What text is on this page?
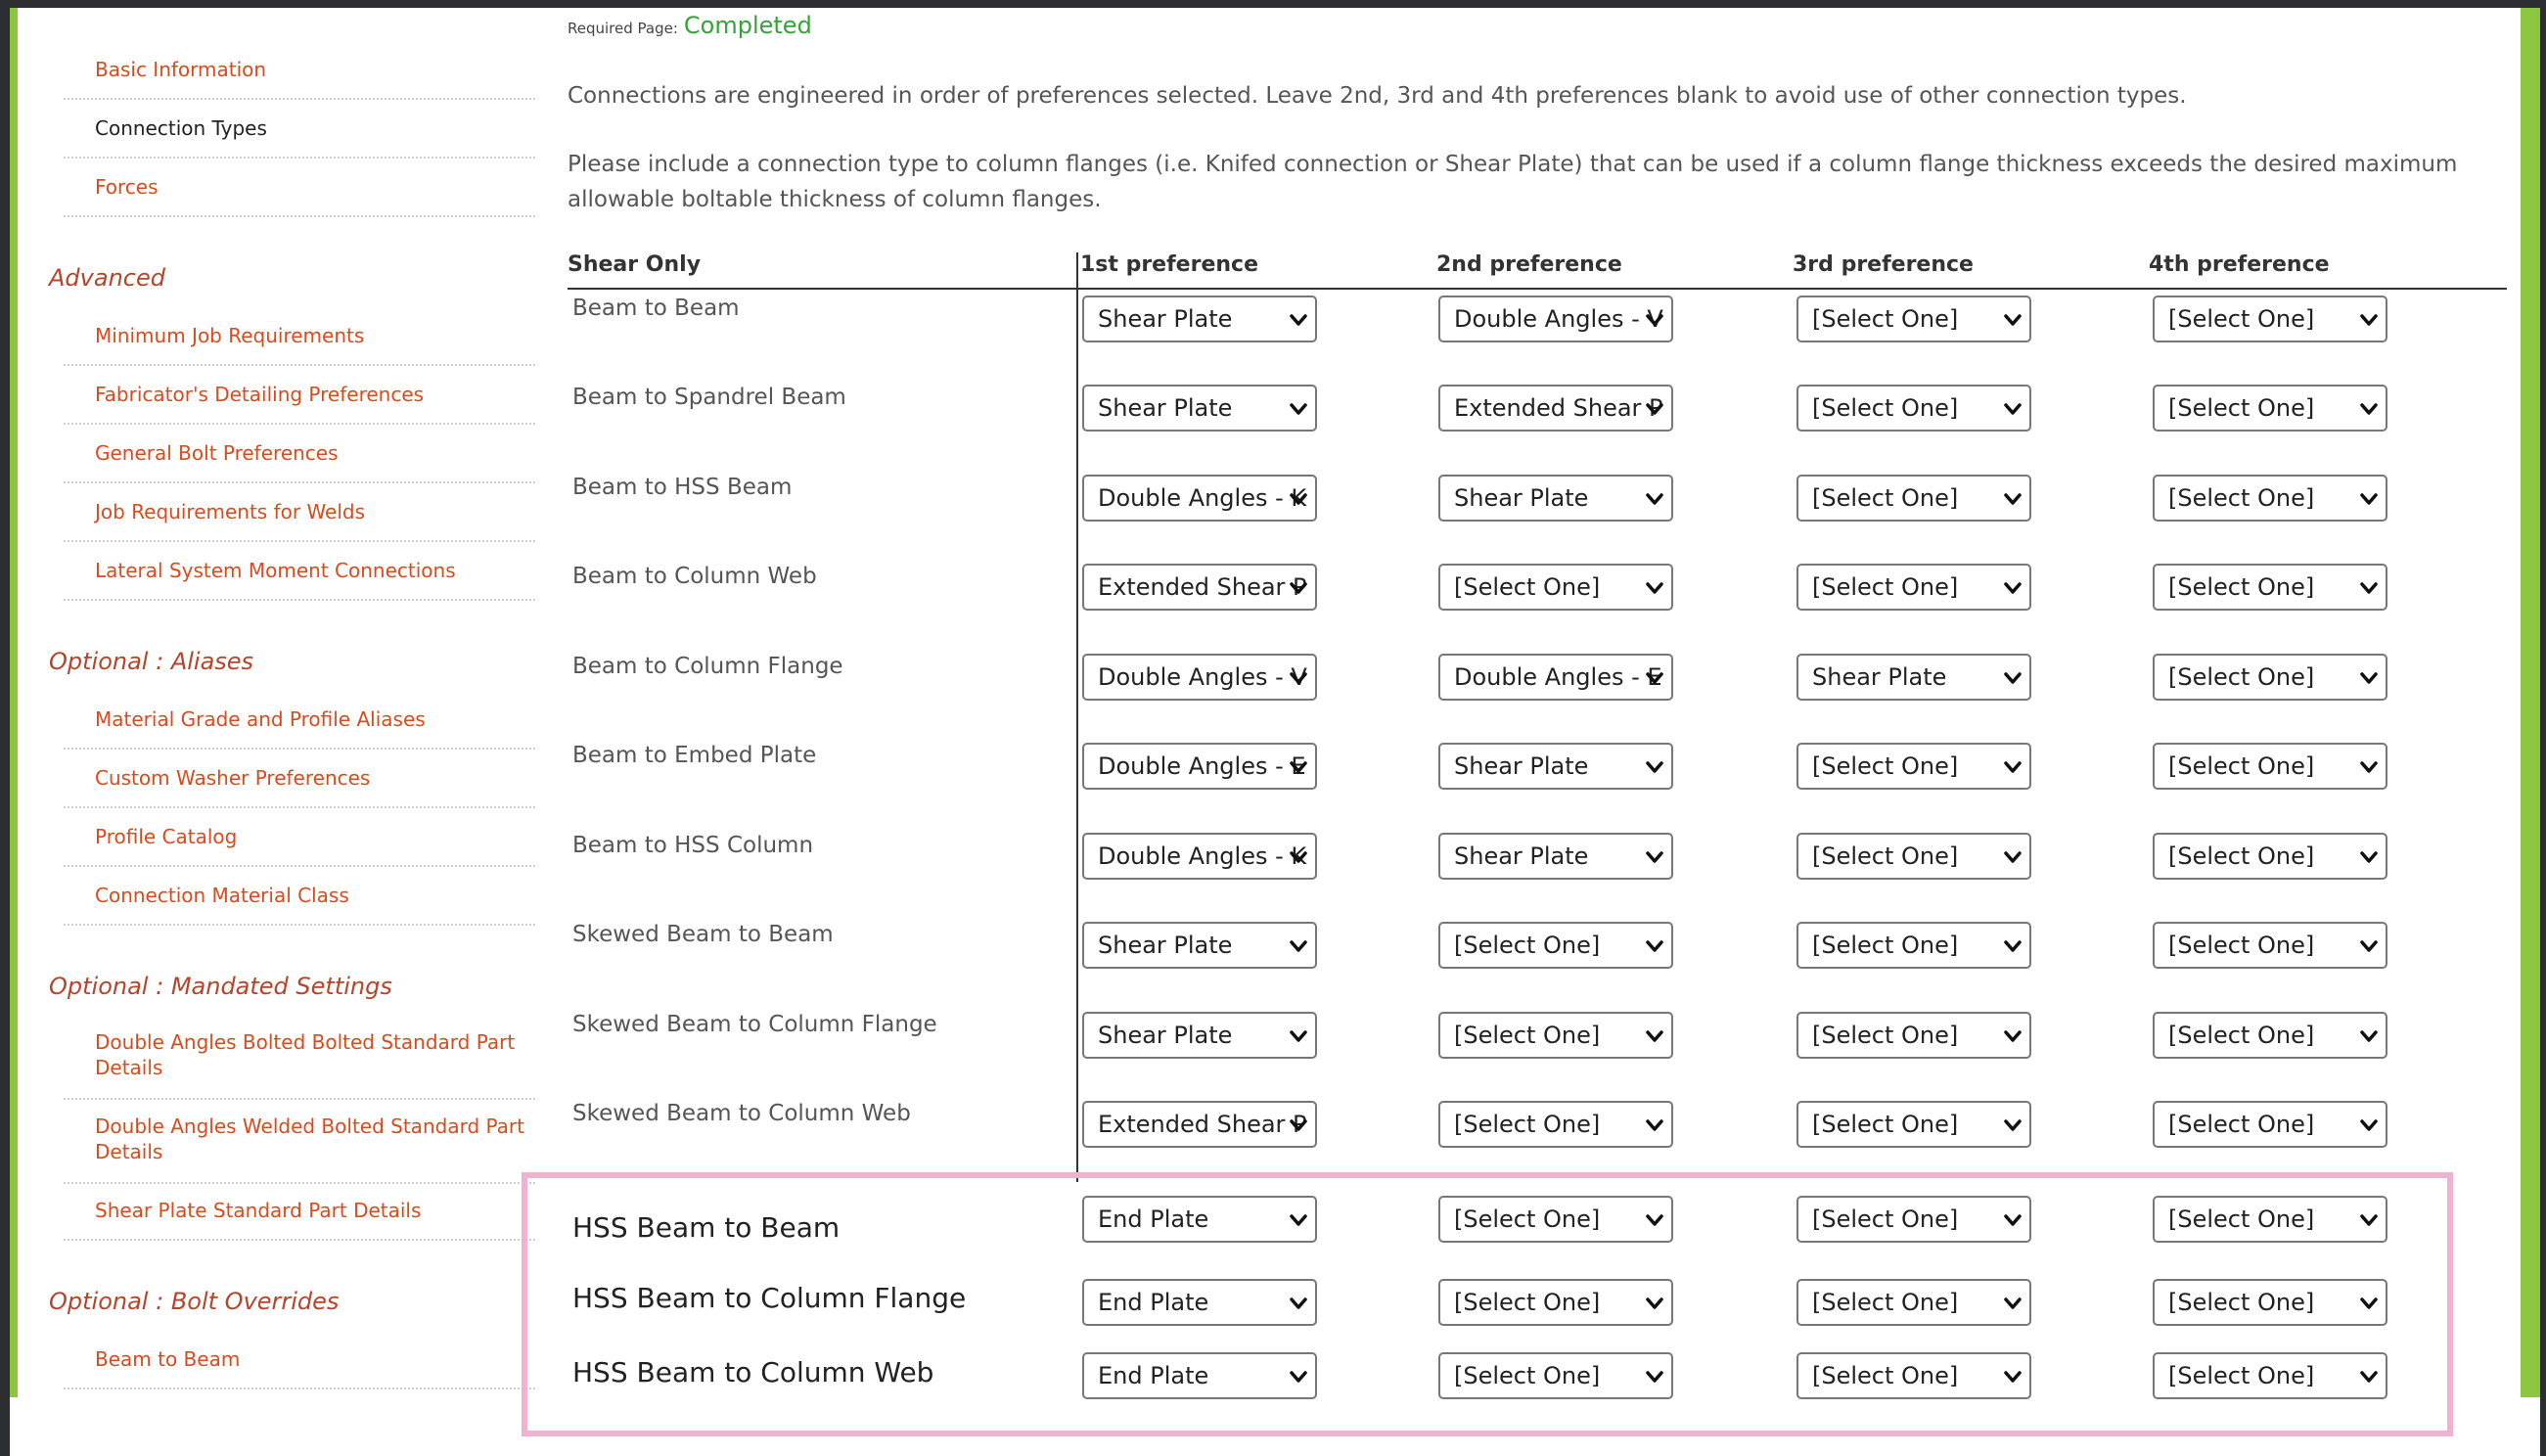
Basic Information
Connection Types
Forces
Advanced
Minimum Job Requirements
Fabricator's Detailing Preferences
General Bolt Preferences
Job Requirements for Welds
Lateral System Moment Connections
Optional : Aliases
Material Grade and Profile Aliases
Custom Washer Preferences
Profile Catalog
Connection Material Class
Optional : Mandated Settings
Double Angles Bolted Bolted Standard Part Details
Double Angles Welded Bolted Standard Part Details
Shear Plate Standard Part Details
Optional : Bolt Overrides
Beam to Beam
Required Page: Completed
Connections are engineered in order of preferences selected. Leave 2nd, 3rd and 4th preferences blank to avoid use of other connection types.
Please include a connection type to column flanges (i.e. Knifed connection or Shear Plate) that can be used if a column flange thickness exceeds the desired maximum allowable boltable thickness of column flanges.
Shear Only	1st preference	2nd preference	3rd preference	4th preference
Beam to Beam	Shear Plate	Double Angles - V	[Select One]	[Select One]
Beam to Spandrel Beam	Shear Plate	Extended Shear P	[Select One]	[Select One]
Beam to HSS Beam	Double Angles - K	Shear Plate	[Select One]	[Select One]
Beam to Column Web	Extended Shear P	[Select One]	[Select One]	[Select One]
Beam to Column Flange	Double Angles - V	Double Angles - E	Shear Plate	[Select One]
Beam to Embed Plate	Double Angles - E	Shear Plate	[Select One]	[Select One]
Beam to HSS Column	Double Angles - K	Shear Plate	[Select One]	[Select One]
Skewed Beam to Beam	Shear Plate	[Select One]	[Select One]	[Select One]
Skewed Beam to Column Flange	Shear Plate	[Select One]	[Select One]	[Select One]
Skewed Beam to Column Web	Extended Shear P	[Select One]	[Select One]	[Select One]
HSS Beam to Beam	End Plate	[Select One]	[Select One]	[Select One]
HSS Beam to Column Flange	End Plate	[Select One]	[Select One]	[Select One]
HSS Beam to Column Web	End Plate	[Select One]	[Select One]	[Select One]
